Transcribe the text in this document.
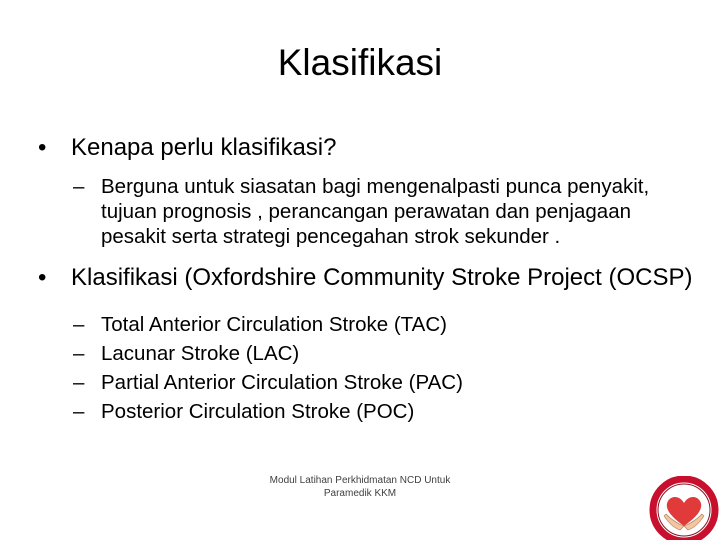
Klasifikasi
• Kenapa perlu klasifikasi?
– Berguna untuk siasatan bagi mengenalpasti punca penyakit, tujuan prognosis , perancangan perawatan dan penjagaan pesakit serta strategi pencegahan strok sekunder .
• Klasifikasi (Oxfordshire Community Stroke Project (OCSP)
– Total Anterior Circulation Stroke (TAC)
– Lacunar Stroke (LAC)
– Partial Anterior Circulation Stroke (PAC)
– Posterior Circulation Stroke (POC)
Modul Latihan Perkhidmatan NCD Untuk
Paramedik KKM
